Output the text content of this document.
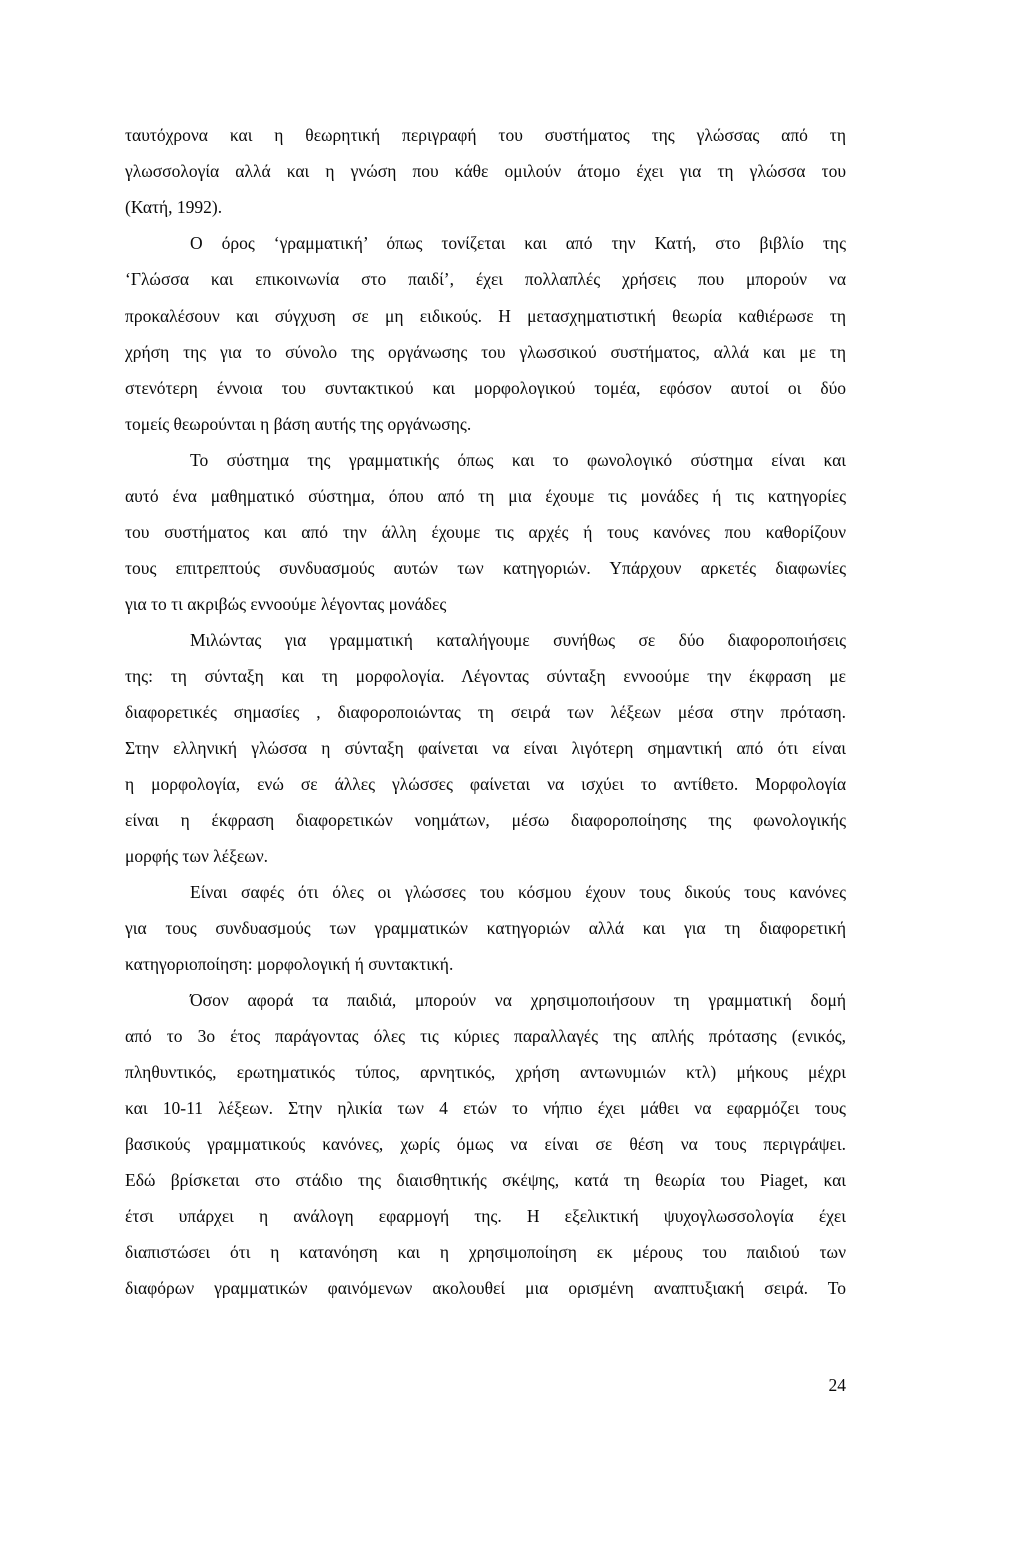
ταυτόχρονα και η θεωρητική περιγραφή του συστήματος της γλώσσας από τη
γλωσσολογία αλλά και η γνώση που κάθε ομιλούν άτομο έχει για τη γλώσσα του
(Κατή, 1992).
Ο όρος ‘γραμματική’ όπως τονίζεται και από την Κατή, στο βιβλίο της
‘Γλώσσα και επικοινωνία στο παιδί’, έχει πολλαπλές χρήσεις που μπορούν να
προκαλέσουν και σύγχυση σε μη ειδικούς. Η μετασχηματιστική θεωρία καθιέρωσε τη
χρήση της για το σύνολο της οργάνωσης του γλωσσικού συστήματος, αλλά και με τη
στενότερη έννοια του συντακτικού και μορφολογικού τομέα, εφόσον αυτοί οι δύο
τομείς θεωρούνται η βάση αυτής της οργάνωσης.
Το σύστημα της γραμματικής όπως και το φωνολογικό σύστημα είναι και
αυτό ένα μαθηματικό σύστημα, όπου από τη μια έχουμε τις μονάδες ή τις κατηγορίες
του συστήματος και από την άλλη έχουμε τις αρχές ή τους κανόνες που καθορίζουν
τους επιτρεπτούς συνδυασμούς αυτών των κατηγοριών. Υπάρχουν αρκετές διαφωνίες
για το τι ακριβώς εννοούμε λέγοντας μονάδες
Μιλώντας για γραμματική καταλήγουμε συνήθως σε δύο διαφοροποιήσεις
της: τη σύνταξη και τη μορφολογία. Λέγοντας σύνταξη εννοούμε την έκφραση με
διαφορετικές σημασίες , διαφοροποιώντας τη σειρά των λέξεων μέσα στην πρόταση.
Στην ελληνική γλώσσα η σύνταξη φαίνεται να είναι λιγότερη σημαντική από ότι είναι
η μορφολογία, ενώ σε άλλες γλώσσες φαίνεται να ισχύει το αντίθετο. Μορφολογία
είναι η έκφραση διαφορετικών νοημάτων, μέσω διαφοροποίησης της φωνολογικής
μορφής των λέξεων.
Είναι σαφές ότι όλες οι γλώσσες του κόσμου έχουν τους δικούς τους κανόνες
για τους συνδυασμούς των γραμματικών κατηγοριών αλλά και για τη διαφορετική
κατηγοριοποίηση: μορφολογική ή συντακτική.
Όσον αφορά τα παιδιά, μπορούν να χρησιμοποιήσουν τη γραμματική δομή
από το 3ο έτος παράγοντας όλες τις κύριες παραλλαγές της απλής πρότασης (ενικός,
πληθυντικός, ερωτηματικός τύπος, αρνητικός, χρήση αντωνυμιών κτλ) μήκους μέχρι
και 10-11 λέξεων. Στην ηλικία των 4 ετών το νήπιο έχει μάθει να εφαρμόζει τους
βασικούς γραμματικούς κανόνες, χωρίς όμως να είναι σε θέση να τους περιγράψει.
Εδώ βρίσκεται στο στάδιο της διαισθητικής σκέψης, κατά τη θεωρία του Piaget, και
έτσι υπάρχει η ανάλογη εφαρμογή της. Η εξελικτική ψυχογλωσσολογία έχει
διαπιστώσει ότι η κατανόηση και η χρησιμοποίηση εκ μέρους του παιδιού των
διαφόρων γραμματικών φαινόμενων ακολουθεί μια ορισμένη αναπτυξιακή σειρά. Το
24
